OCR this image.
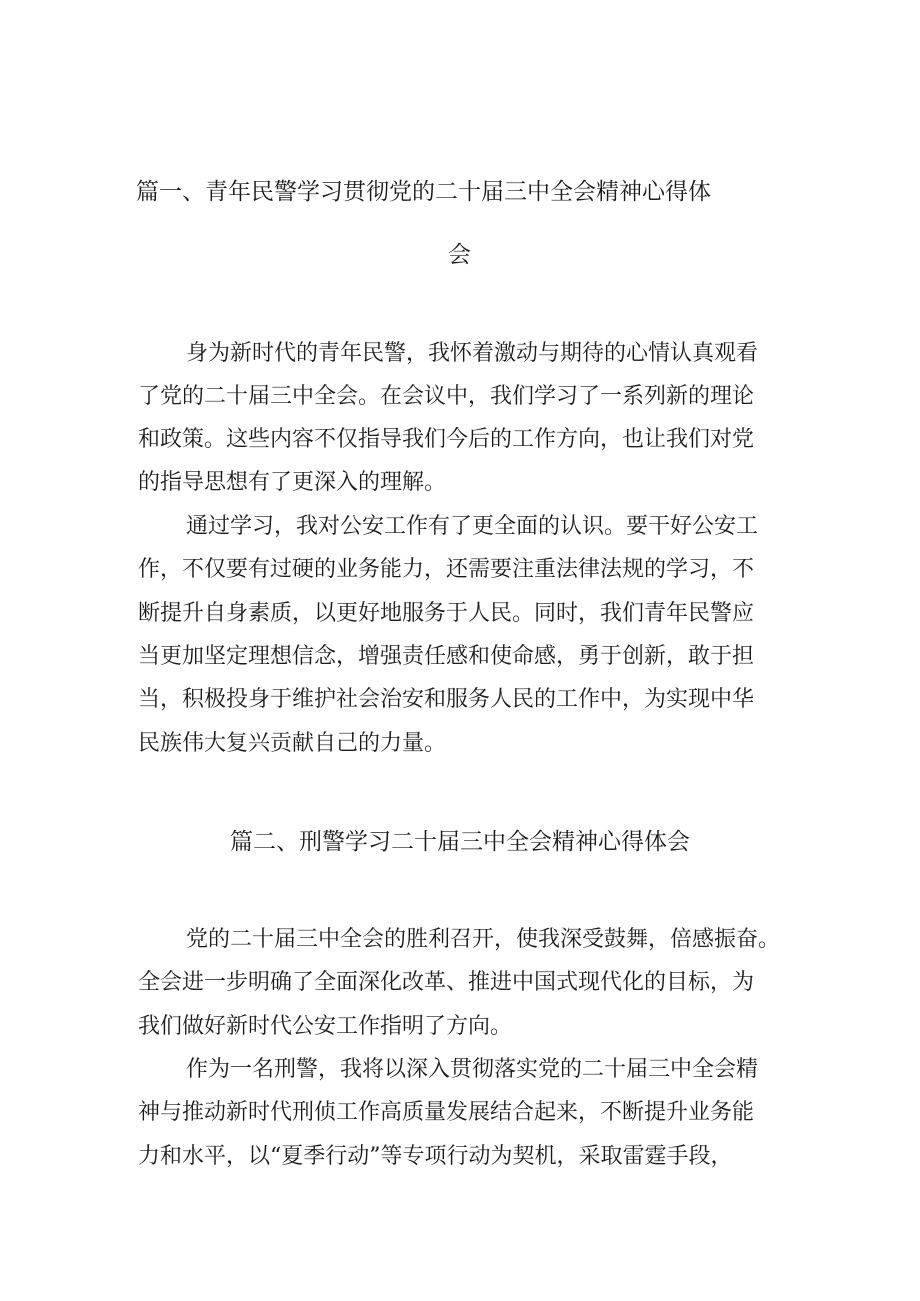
篇一、青年民警学习贯彻党的二十届三中全会精神心得体
会
身为新时代的青年民警，我怀着激动与期待的心情认真观看
了党的二十届三中全会。在会议中，我们学习了一系列新的理论
和政策。这些内容不仅指导我们今后的工作方向，也让我们对党
的指导思想有了更深入的理解。
通过学习，我对公安工作有了更全面的认识。要干好公安工
作，不仅要有过硬的业务能力，还需要注重法律法规的学习，不
断提升自身素质，以更好地服务于人民。同时，我们青年民警应
当更加坚定理想信念，增强责任感和使命感，勇于创新，敢于担
当，积极投身于维护社会治安和服务人民的工作中，为实现中华
民族伟大复兴贡献自己的力量。
篇二、刑警学习二十届三中全会精神心得体会
党的二十届三中全会的胜利召开，使我深受鼓舞，倍感振奋。
全会进一步明确了全面深化改革、推进中国式现代化的目标，为
我们做好新时代公安工作指明了方向。
作为一名刑警，我将以深入贯彻落实党的二十届三中全会精
神与推动新时代刑侦工作高质量发展结合起来，不断提升业务能
力和水平，以“夏季行动”等专项行动为契机，采取雷霆手段，
